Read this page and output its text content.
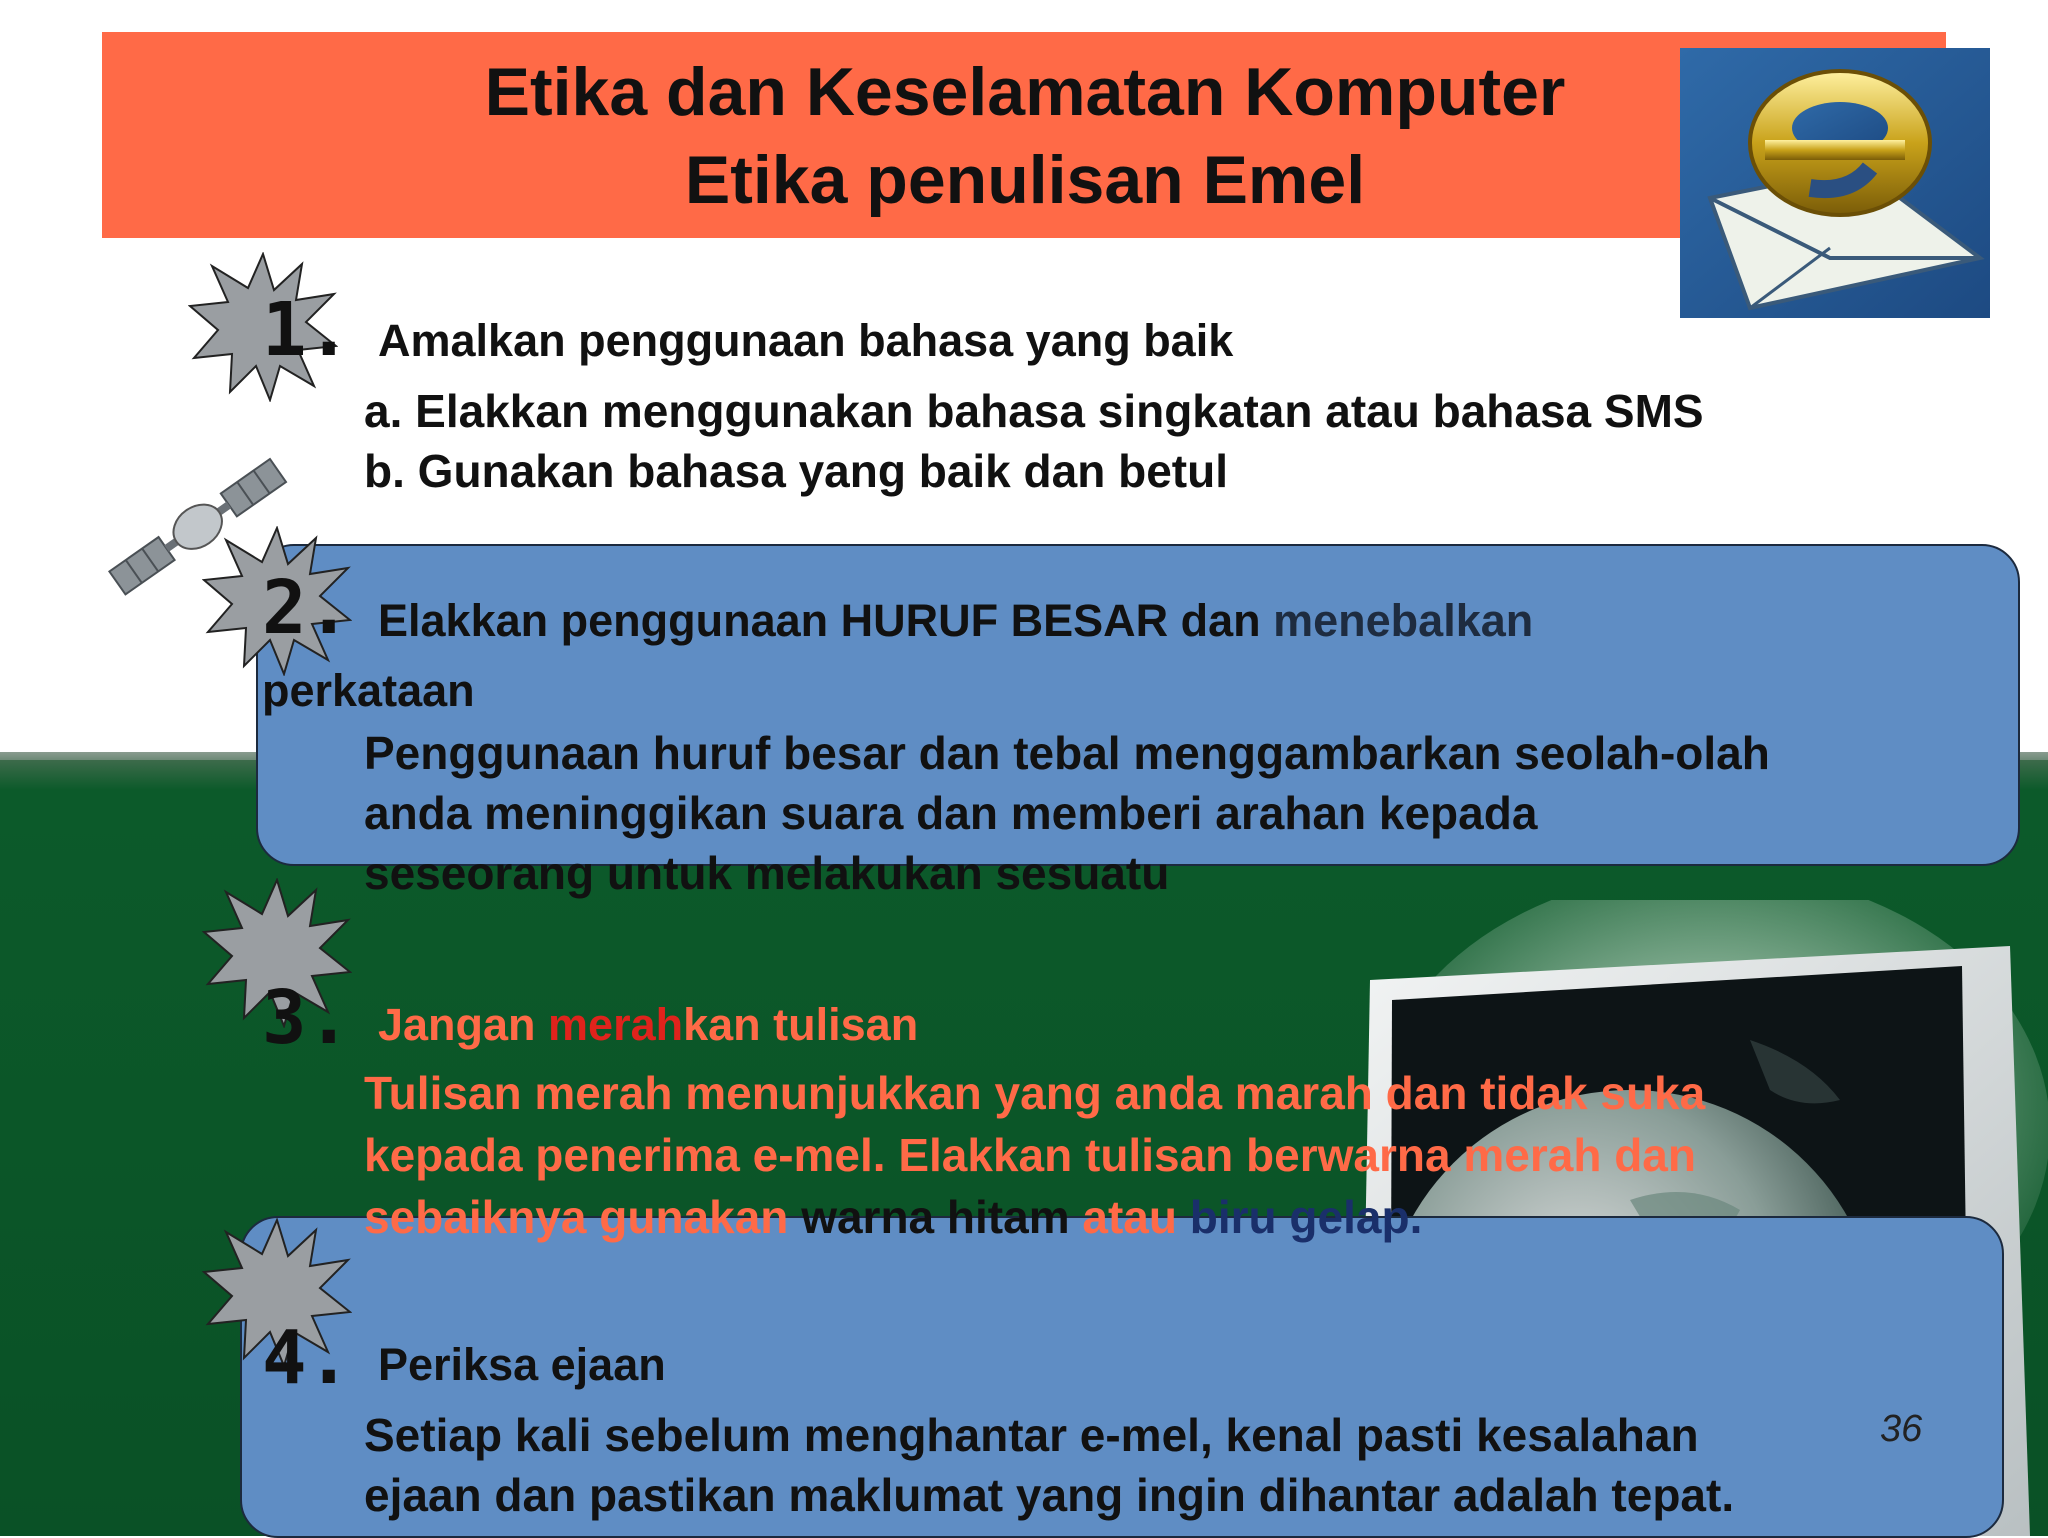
Etika dan Keselamatan Komputer
Etika penulisan Emel
1. Amalkan penggunaan bahasa yang baik
a. Elakkan menggunakan bahasa singkatan atau bahasa SMS
b. Gunakan bahasa yang baik dan betul
2. Elakkan penggunaan HURUF BESAR dan menebalkan
perkataan
Penggunaan huruf besar dan tebal menggambarkan seolah-olah
anda meninggikan suara dan memberi arahan kepada
seseorang untuk melakukan sesuatu
3. Jangan merahkan tulisan
Tulisan merah menunjukkan yang anda marah dan tidak suka
kepada penerima e-mel. Elakkan tulisan berwarna merah dan
sebaiknya gunakan warna hitam atau biru gelap.
4. Periksa ejaan
Setiap kali sebelum menghantar e-mel, kenal pasti kesalahan
ejaan dan pastikan maklumat yang ingin dihantar adalah tepat.
36
